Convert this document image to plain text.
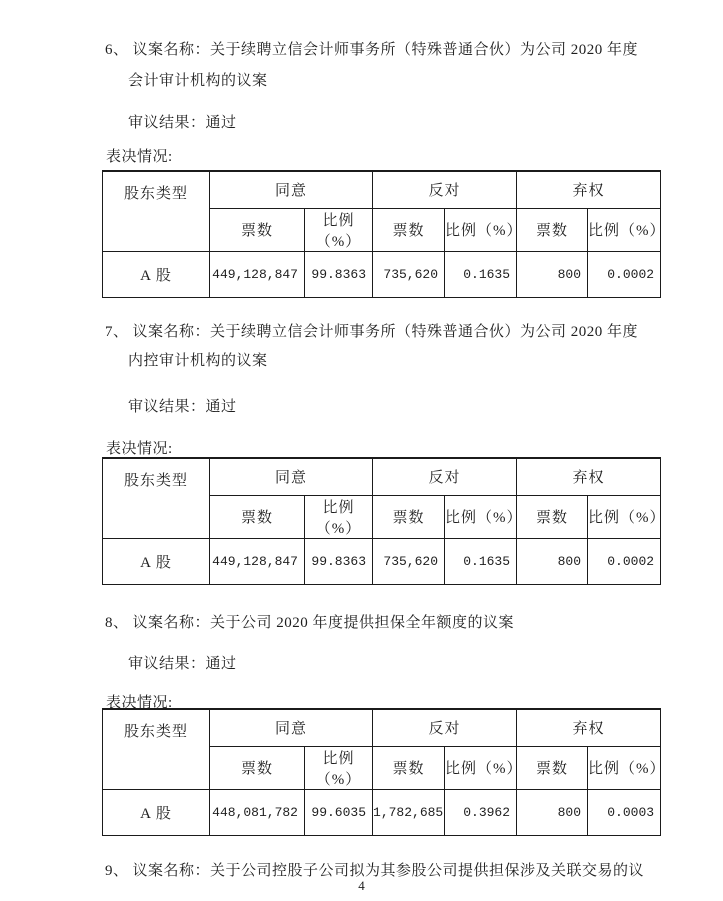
6、 议案名称：关于续聘立信会计师事务所（特殊普通合伙）为公司 2020 年度
会计审计机构的议案
审议结果：通过
表决情况:
股东类型	同意		反对		弃权	
	票数	比例（%）	票数	比例（%）	票数	比例（%）
A 股	449,128,847	99.8363	735,620	0.1635	800	0.0002
7、 议案名称：关于续聘立信会计师事务所（特殊普通合伙）为公司 2020 年度
内控审计机构的议案
审议结果：通过
表决情况:
股东类型	同意		反对		弃权	
	票数	比例（%）	票数	比例（%）	票数	比例（%）
A 股	449,128,847	99.8363	735,620	0.1635	800	0.0002
8、 议案名称：关于公司 2020 年度提供担保全年额度的议案
审议结果：通过
表决情况:
股东类型	同意		反对		弃权	
	票数	比例（%）	票数	比例（%）	票数	比例（%）
A 股	448,081,782	99.6035	1,782,685	0.3962	800	0.0003
9、 议案名称：关于公司控股子公司拟为其参股公司提供担保涉及关联交易的议
4
